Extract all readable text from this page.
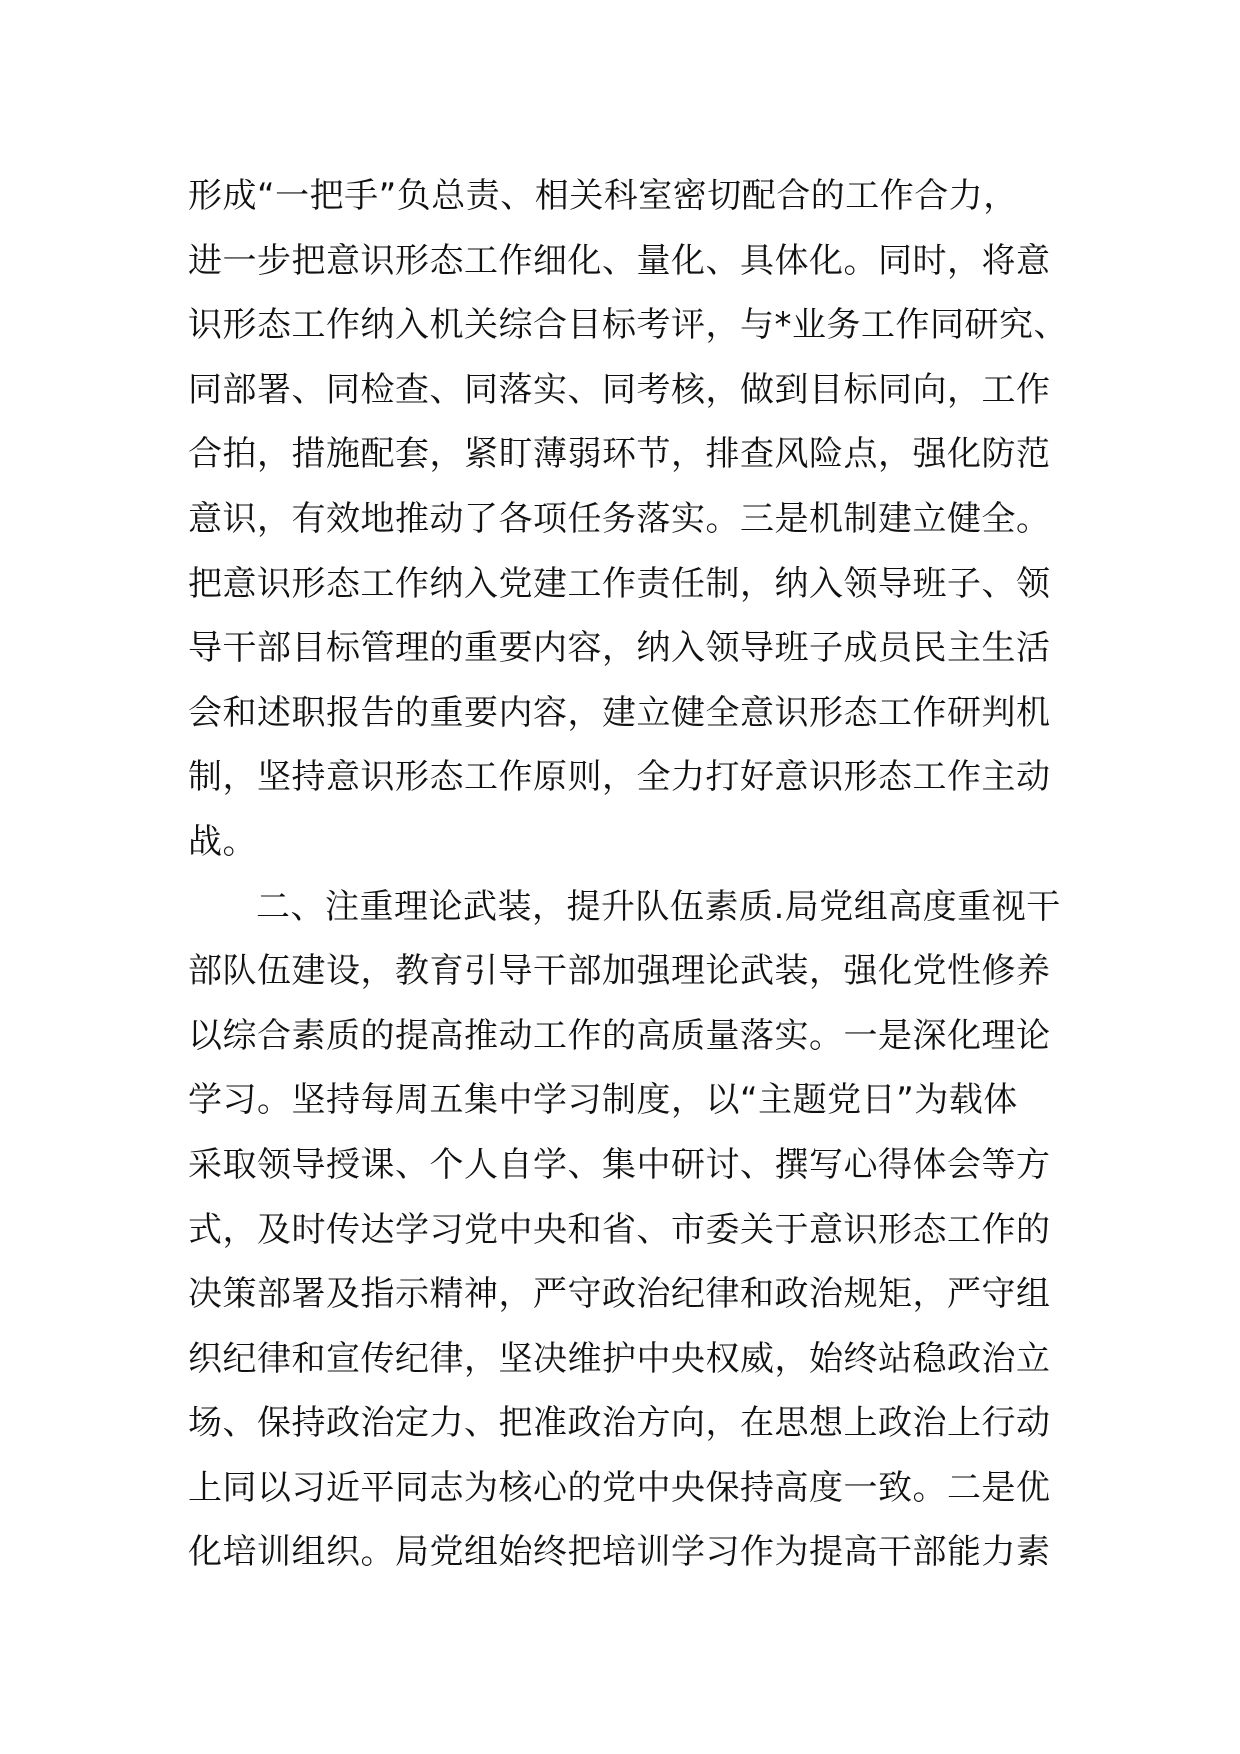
形成“一把手”负总责、相关科室密切配合的工作合力，
进一步把意识形态工作细化、量化、具体化。同时，将意
识形态工作纳入机关综合目标考评，与*业务工作同研究、
同部署、同检查、同落实、同考核，做到目标同向，工作
合拍，措施配套，紧盯薄弱环节，排查风险点，强化防范
意识，有效地推动了各项任务落实。三是机制建立健全。
把意识形态工作纳入党建工作责任制，纳入领导班子、领
导干部目标管理的重要内容，纳入领导班子成员民主生活
会和述职报告的重要内容，建立健全意识形态工作研判机
制，坚持意识形态工作原则，全力打好意识形态工作主动
战。
二、注重理论武装，提升队伍素质.局党组高度重视干
部队伍建设，教育引导干部加强理论武装，强化党性修养
以综合素质的提高推动工作的高质量落实。一是深化理论
学习。坚持每周五集中学习制度，以“主题党日”为载体
采取领导授课、个人自学、集中研讨、撰写心得体会等方
式，及时传达学习党中央和省、市委关于意识形态工作的
决策部署及指示精神，严守政治纪律和政治规矩，严守组
织纪律和宣传纪律，坚决维护中央权威，始终站稳政治立
场、保持政治定力、把准政治方向，在思想上政治上行动
上同以习近平同志为核心的党中央保持高度一致。二是优
化培训组织。局党组始终把培训学习作为提高干部能力素
